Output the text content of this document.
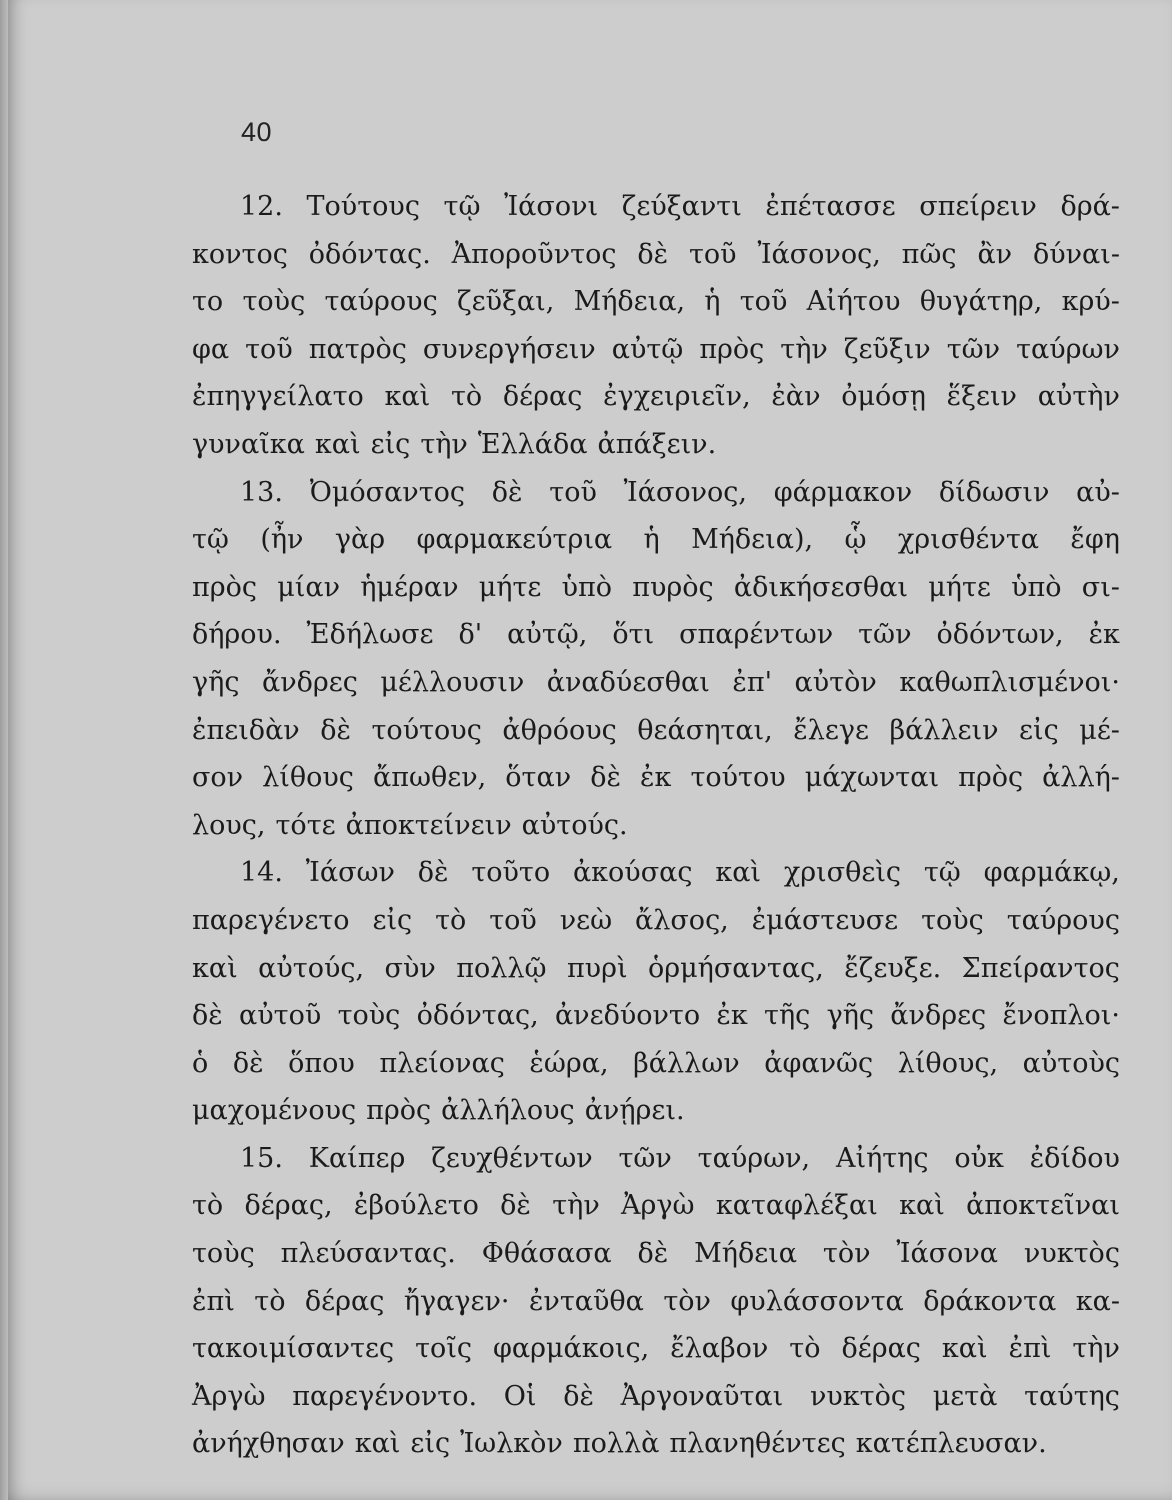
40
12. Τούτους τῷ Ἰάσονι ζεύξαντι ἐπέτασσε σπείρειν δρά-
κοντος ὀδόντας. Ἀποροῦντος δὲ τοῦ Ἰάσονος, πῶς ἂν δύναι-
το τοὺς ταύρους ζεῦξαι, Μήδεια, ἡ τοῦ Αἰήτου θυγάτηρ, κρύ-
φα τοῦ πατρὸς συνεργήσειν αὐτῷ πρὸς τὴν ζεῦξιν τῶν ταύρων
ἐπηγγείλατο καὶ τὸ δέρας ἐγχειριεῖν, ἐὰν ὀμόσῃ ἕξειν αὐτὴν
γυναῖκα καὶ εἰς τὴν Ἑλλάδα ἀπάξειν.
13. Ὀμόσαντος δὲ τοῦ Ἰάσονος, φάρμακον δίδωσιν αὐ-
τῷ (ἦν γὰρ φαρμακεύτρια ἡ Μήδεια), ᾧ χρισθέντα ἔφη
πρὸς μίαν ἡμέραν μήτε ὑπὸ πυρὸς ἀδικήσεσθαι μήτε ὑπὸ σι-
δήρου. Ἐδήλωσε δ' αὐτῷ, ὅτι σπαρέντων τῶν ὀδόντων, ἐκ
γῆς ἄνδρες μέλλουσιν ἀναδύεσθαι ἐπ' αὐτὸν καθωπλισμένοι·
ἐπειδὰν δὲ τούτους ἀθρόους θεάσηται, ἔλεγε βάλλειν εἰς μέ-
σον λίθους ἄπωθεν, ὅταν δὲ ἐκ τούτου μάχωνται πρὸς ἀλλή-
λους, τότε ἀποκτείνειν αὐτούς.
14. Ἰάσων δὲ τοῦτο ἀκούσας καὶ χρισθεὶς τῷ φαρμάκῳ,
παρεγένετο εἰς τὸ τοῦ νεὼ ἄλσος, ἐμάστευσε τοὺς ταύρους
καὶ αὐτούς, σὺν πολλῷ πυρὶ ὁρμήσαντας, ἔζευξε. Σπείραντος
δὲ αὐτοῦ τοὺς ὀδόντας, ἀνεδύοντο ἐκ τῆς γῆς ἄνδρες ἔνοπλοι·
ὁ δὲ ὅπου πλείονας ἑώρα, βάλλων ἀφανῶς λίθους, αὐτοὺς
μαχομένους πρὸς ἀλλήλους ἀνῄρει.
15. Καίπερ ζευχθέντων τῶν ταύρων, Αἰήτης οὐκ ἐδίδου
τὸ δέρας, ἐβούλετο δὲ τὴν Ἀργὼ καταφλέξαι καὶ ἀποκτεῖναι
τοὺς πλεύσαντας. Φθάσασα δὲ Μήδεια τὸν Ἰάσονα νυκτὸς
ἐπὶ τὸ δέρας ἤγαγεν· ἐνταῦθα τὸν φυλάσσοντα δράκοντα κα-
τακοιμίσαντες τοῖς φαρμάκοις, ἔλαβον τὸ δέρας καὶ ἐπὶ τὴν
Ἀργὼ παρεγένοντο. Οἱ δὲ Ἀργοναῦται νυκτὸς μετὰ ταύτης
ἀνήχθησαν καὶ εἰς Ἰωλκὸν πολλὰ πλανηθέντες κατέπλευσαν.
